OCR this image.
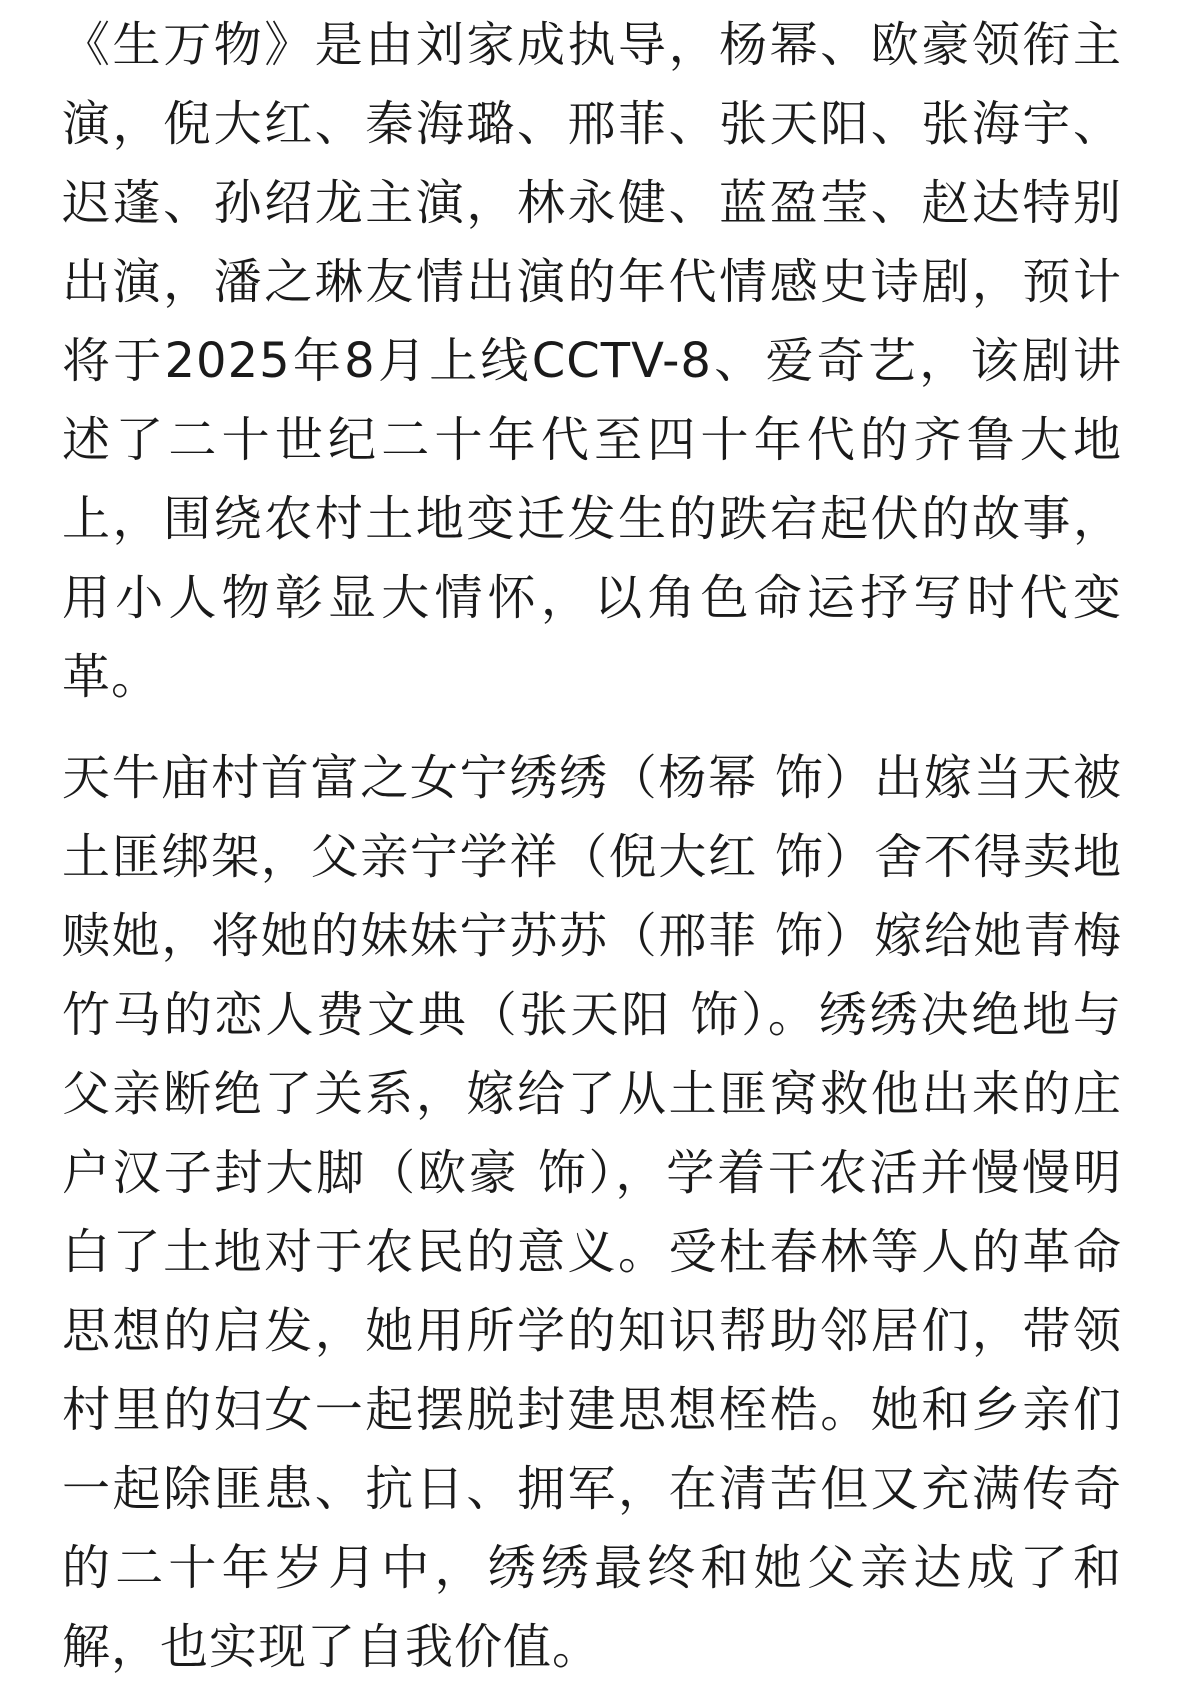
《生万物》是由刘家成执导，杨幂、欧豪领衔主演，倪大红、秦海璐、邢菲、张天阳、张海宇、迟蓬、孙绍龙主演，林永健、蓝盈莹、赵达特别出演，潘之琳友情出演的年代情感史诗剧，预计将于2025年8月上线CCTV-8、爱奇艺，该剧讲述了二十世纪二十年代至四十年代的齐鲁大地上，围绕农村土地变迁发生的跌宕起伏的故事，用小人物彰显大情怀，以角色命运抒写时代变革。

天牛庙村首富之女宁绣绣（杨幂 饰）出嫁当天被土匪绑架，父亲宁学祥（倪大红 饰）舍不得卖地赎她，将她的妹妹宁苏苏（邢菲 饰）嫁给她青梅竹马的恋人费文典（张天阳 饰）。绣绣决绝地与父亲断绝了关系，嫁给了从土匪窝救他出来的庄户汉子封大脚（欧豪 饰），学着干农活并慢慢明白了土地对于农民的意义。受杜春林等人的革命思想的启发，她用所学的知识帮助邻居们，带领村里的妇女一起摆脱封建思想桎梏。她和乡亲们一起除匪患、抗日、拥军，在清苦但又充满传奇的二十年岁月中，绣绣最终和她父亲达成了和解，也实现了自我价值。
